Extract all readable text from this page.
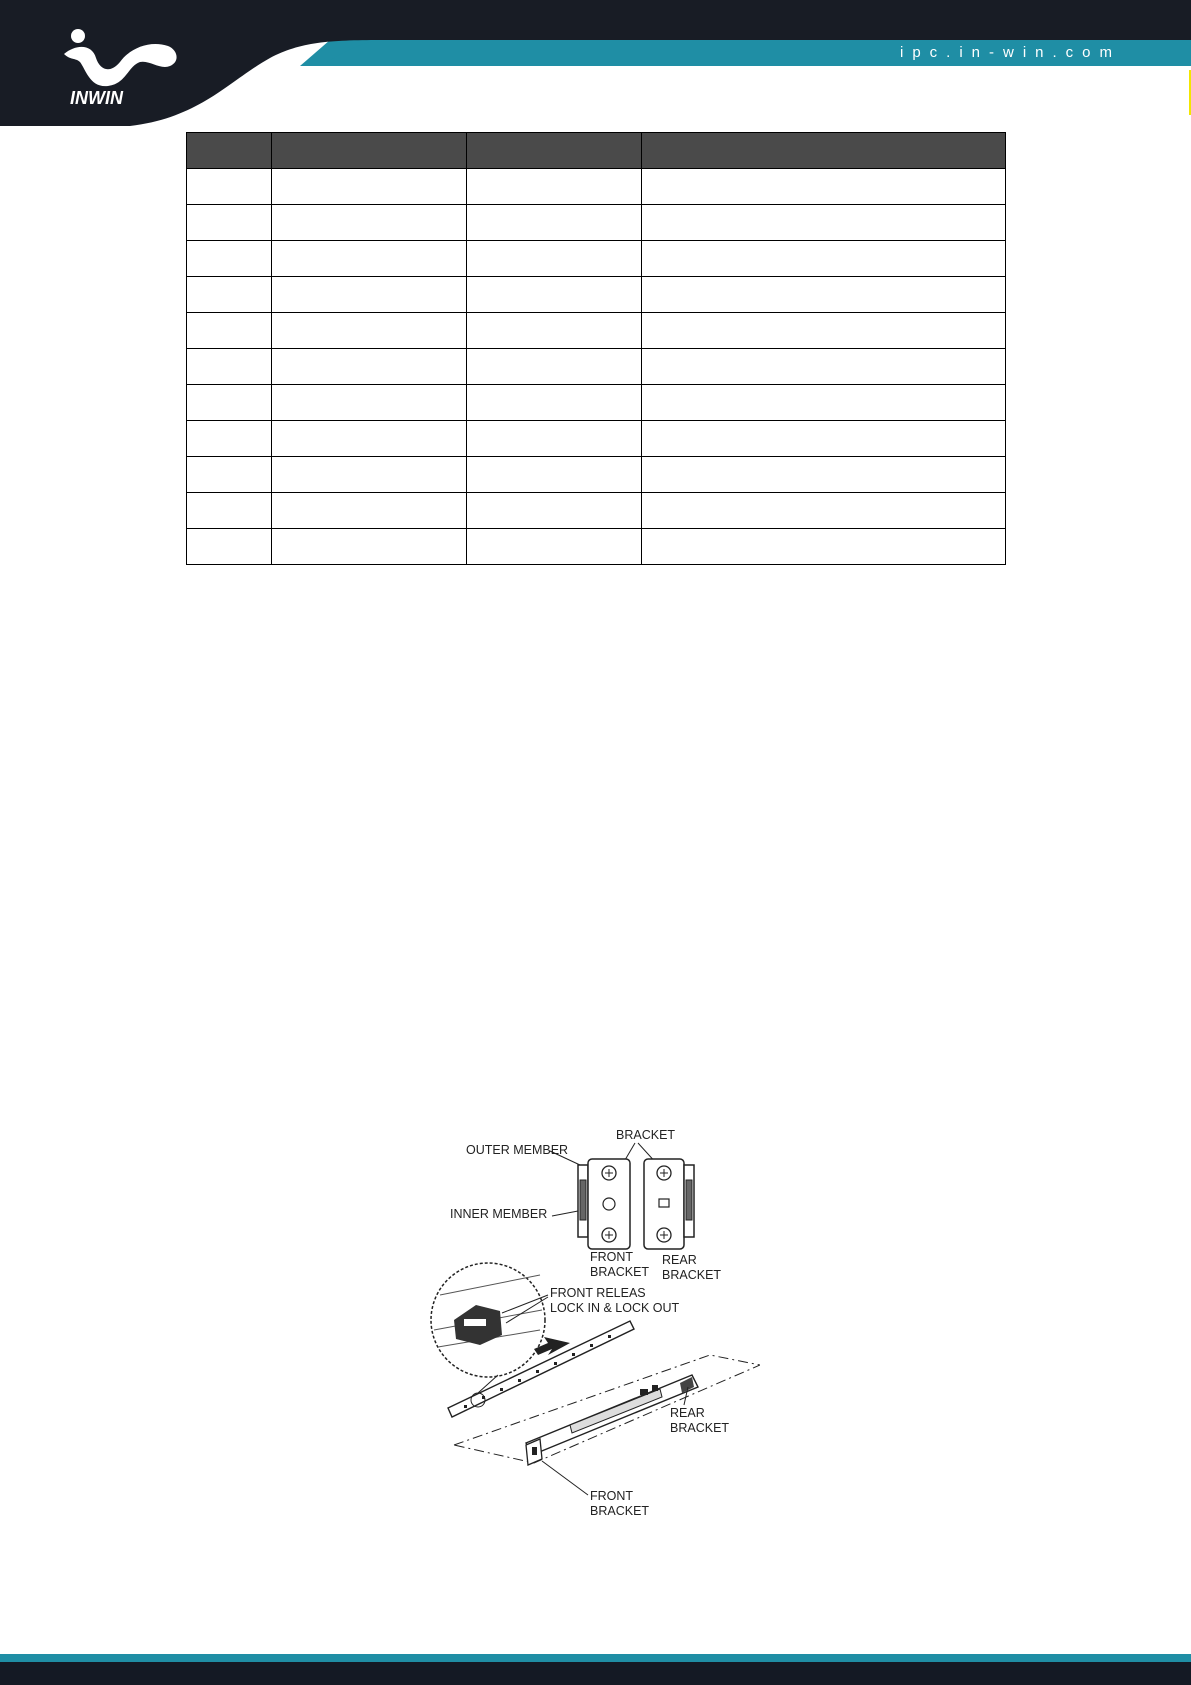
INWIN
ipc.in-win.com

BRACKET
OUTER MEMBER
INNER MEMBER
FRONT
BRACKET
REAR
BRACKET
FRONT RELEAS
LOCK IN & LOCK OUT
REAR
BRACKET
FRONT
BRACKET
